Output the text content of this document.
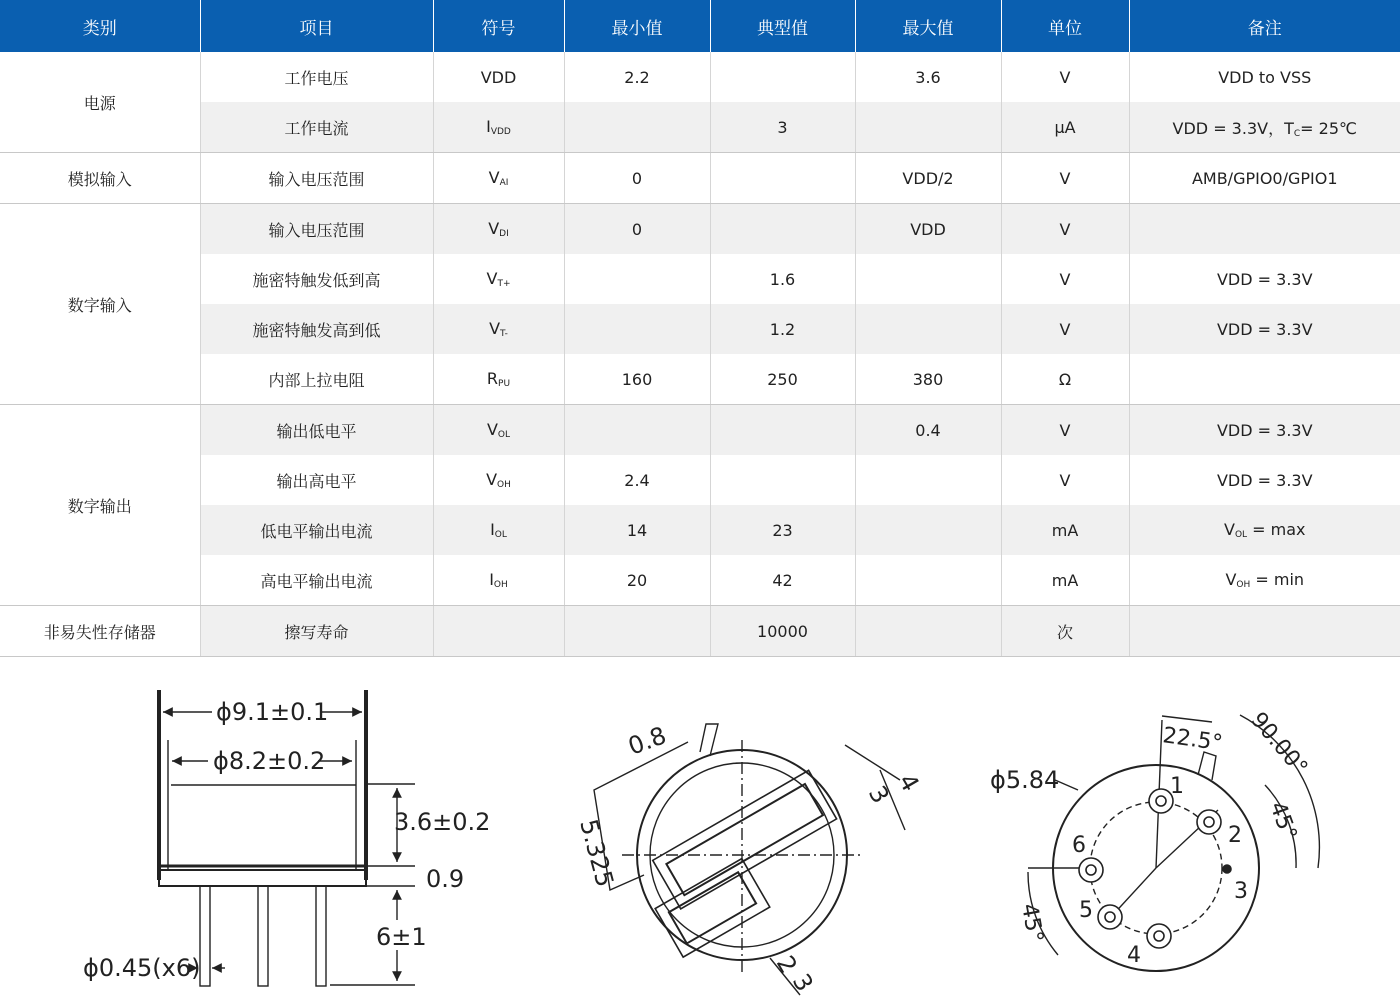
类别	项目	符号	最小值	典型值	最大值	单位	备注
电源	工作电压	VDD	2.2		3.6	V	VDD to VSS
	工作电流	$I_{VDD}$		3		μA	VDD = 3.3V，$T_C=$ 25℃
模拟输入	输入电压范围	$V_{AI}$	0		VDD/2	V	AMB/GPIO0/GPIO1
数字输入	输入电压范围	$V_{DI}$	0		VDD	V	
	施密特触发低到高	$V_{T+}$		1.6		V	VDD = 3.3V
	施密特触发高到低	$V_{T-}$		1.2		V	VDD = 3.3V
	内部上拉电阻	$R_{PU}$	160	250	380	Ω	
数字输出	输出低电平	$V_{OL}$			0.4	V	VDD = 3.3V
	输出高电平	$V_{OH}$	2.4			V	VDD = 3.3V
	低电平输出电流	$I_{OL}$	14	23		mA	$V_{OL} = \max$
	高电平输出电流	$I_{OH}$	20	42		mA	$V_{OH} = \min$
非易失性存储器	擦写寿命			10000		次	
ϕ9.1±0.1
ϕ8.2±0.2
3.6±0.2
0.9
6±1
ϕ0.45(x6)
0.8
5.325
4
3
2
3
ϕ5.84
22.5° 90.00°
45°
45°
1
2
3
4
5
6
